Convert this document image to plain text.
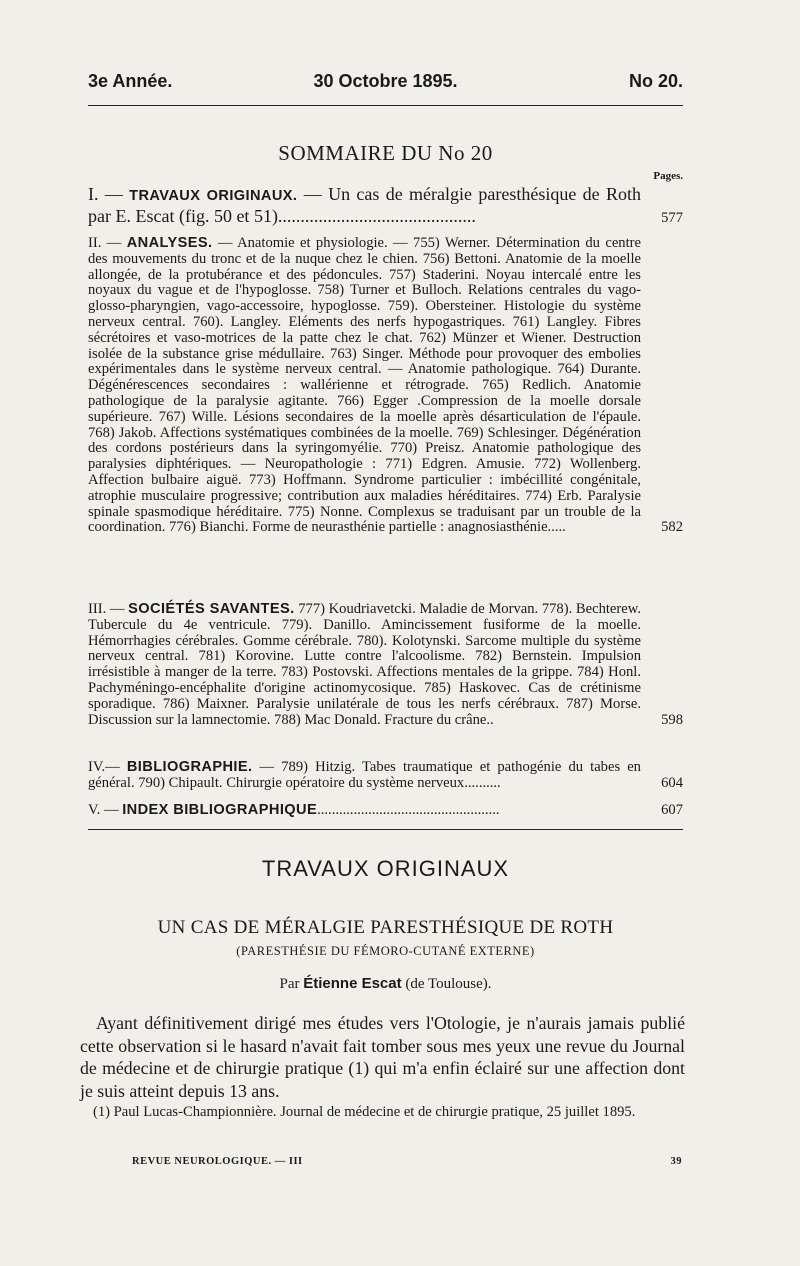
3e Année.	30 Octobre 1895.	No 20.
SOMMAIRE DU No 20
Pages.
I. — TRAVAUX ORIGINAUX. — Un cas de méralgie paresthésique de Roth par E. Escat (fig. 50 et 51)............................................	577
II. — ANALYSES. — Anatomie et physiologie. — 755) Werner. Détermination du centre des mouvements du tronc et de la nuque chez le chien. 756) Bettoni. Anatomie de la moelle allongée, de la protubérance et des pédoncules. 757) Staderini. Noyau intercalé entre les noyaux du vague et de l'hypoglosse. 758) Turner et Bulloch. Relations centrales du vago-glosso-pharyngien, vago-accessoire, hypoglosse. 759). Obersteiner. Histologie du système nerveux central. 760). Langley. Eléments des nerfs hypogastriques. 761) Langley. Fibres sécrétoires et vaso-motrices de la patte chez le chat. 762) Münzer et Wiener. Destruction isolée de la substance grise médullaire. 763) Singer. Méthode pour provoquer des embolies expérimentales dans le système nerveux central. — Anatomie pathologique. 764) Durante. Dégénérescences secondaires : wallérienne et rétrograde. 765) Redlich. Anatomie pathologique de la paralysie agitante. 766) Egger .Compression de la moelle dorsale supérieure. 767) Wille. Lésions secondaires de la moelle après désarticulation de l'épaule. 768) Jakob. Affections systématiques combinées de la moelle. 769) Schlesinger. Dégénération des cordons postérieurs dans la syringomyélie. 770) Preisz. Anatomie pathologique des paralysies diphtériques. — Neuropathologie : 771) Edgren. Amusie. 772) Wollenberg. Affection bulbaire aiguë. 773) Hoffmann. Syndrome particulier : imbécillité congénitale, atrophie musculaire progressive; contribution aux maladies héréditaires. 774) Erb. Paralysie spinale spasmodique héréditaire. 775) Nonne. Complexus se traduisant par un trouble de la coordination. 776) Bianchi. Forme de neurasthénie partielle : anagnosiasthénie.....	582
III. — SOCIÉTÉS SAVANTES. 777) Koudriavetcki. Maladie de Morvan. 778). Bechterew. Tubercule du 4e ventricule. 779). Danillo. Amincissement fusiforme de la moelle. Hémorrhagies cérébrales. Gomme cérébrale. 780). Kolotynski. Sarcome multiple du système nerveux central. 781) Korovine. Lutte contre l'alcoolisme. 782) Bernstein. Impulsion irrésistible à manger de la terre. 783) Postovski. Affections mentales de la grippe. 784) Honl. Pachyméningo-encéphalite d'origine actinomycosique. 785) Haskovec. Cas de crétinisme sporadique. 786) Maixner. Paralysie unilatérale de tous les nerfs cérébraux. 787) Morse. Discussion sur la lamnectomie. 788) Mac Donald. Fracture du crâne..	598
IV.— BIBLIOGRAPHIE. — 789) Hitzig. Tabes traumatique et pathogénie du tabes en général. 790) Chipault. Chirurgie opératoire du système nerveux..........	604
V. — INDEX BIBLIOGRAPHIQUE..................................................	607
TRAVAUX ORIGINAUX
UN CAS DE MÉRALGIE PARESTHÉSIQUE DE ROTH
(PARESTHÉSIE DU FÉMORO-CUTANÉ EXTERNE)
Par Étienne Escat (de Toulouse).
Ayant définitivement dirigé mes études vers l'Otologie, je n'aurais jamais publié cette observation si le hasard n'avait fait tomber sous mes yeux une revue du Journal de médecine et de chirurgie pratique (1) qui m'a enfin éclairé sur une affection dont je suis atteint depuis 13 ans.
(1) Paul Lucas-Championnière. Journal de médecine et de chirurgie pratique, 25 juillet 1895.
REVUE NEUROLOGIQUE. — III	39
